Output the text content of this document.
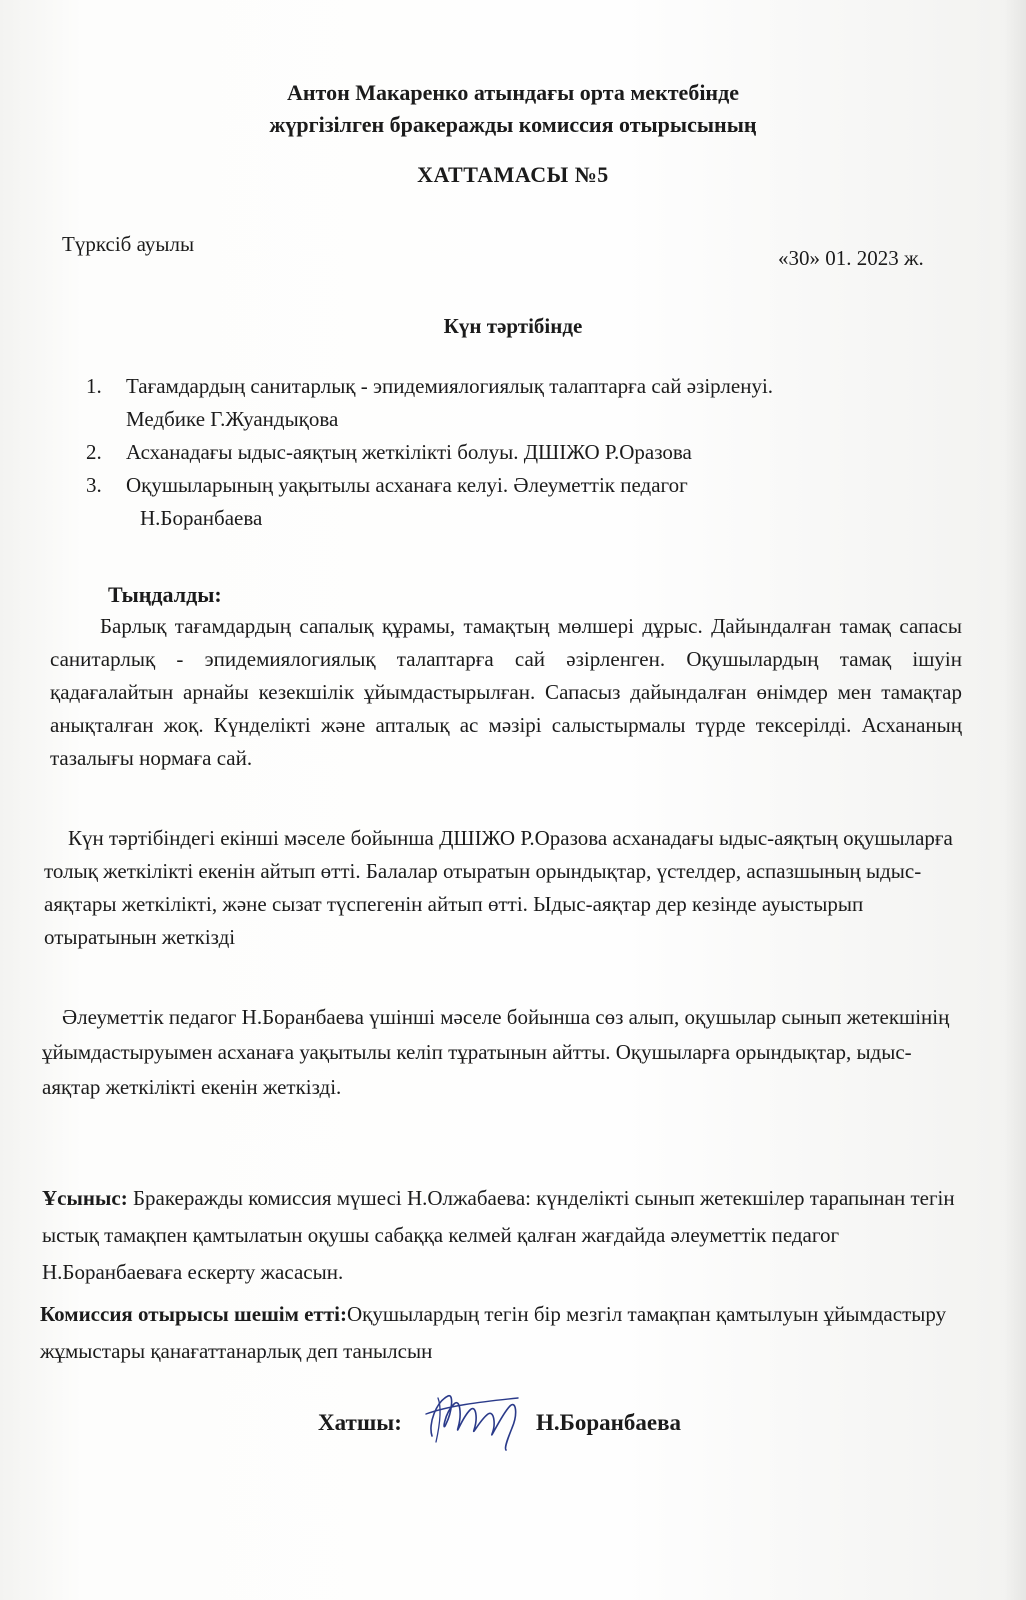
Антон Макаренко атындағы орта мектебінде
жүргізілген бракеражды комиссия отырысының
ХАТТАМАСЫ №5
Түрксіб ауылы
«30» 01. 2023 ж.
Күн тәртібінде
1. Тағамдардың санитарлық - эпидемиялогиялық талаптарға сай әзірленуі.
Медбике Г.Жуандықова
2. Асханадағы ыдыс-аяқтың жеткілікті болуы. ДШІЖО Р.Оразова
3. Оқушыларының уақытылы асханаға келуі. Әлеуметтік педагог
Н.Боранбаева
Тыңдалды:
Барлық тағамдардың сапалық құрамы, тамақтың мөлшері дұрыс. Дайындалған тамақ сапасы санитарлық - эпидемиялогиялық талаптарға сай әзірленген. Оқушылардың тамақ ішуін қадағалайтын арнайы кезекшілік ұйымдастырылған. Сапасыз дайындалған өнімдер мен тамақтар анықталған жоқ. Күнделікті және апталық ас мәзірі салыстырмалы түрде тексерілді. Асхананың тазалығы нормаға сай.
Күн тәртібіндегі екінші мәселе бойынша ДШІЖО Р.Оразова асханадағы ыдыс-аяқтың оқушыларға толық жеткілікті екенін айтып өтті. Балалар отыратын орындықтар, үстелдер, аспазшының ыдыс-аяқтары жеткілікті, және сызат түспегенін айтып өтті. Ыдыс-аяқтар дер кезінде ауыстырып отыратынын жеткізді
Әлеуметтік педагог Н.Боранбаева үшінші мәселе бойынша сөз алып, оқушылар сынып жетекшінің ұйымдастыруымен асханаға уақытылы келіп тұратынын айтты. Оқушыларға орындықтар, ыдыс-аяқтар жеткілікті екенін жеткізді.
Ұсыныс: Бракеражды комиссия мүшесі Н.Олжабаева: күнделікті сынып жетекшілер тарапынан тегін ыстық тамақпен қамтылатын оқушы сабаққа келмей қалған жағдайда әлеуметтік педагог Н.Боранбаеваға ескерту жасасын.
Комиссия отырысы шешім етті:Оқушылардың тегін бір мезгіл тамақпан қамтылуын ұйымдастыру жұмыстары қанағаттанарлық деп танылсын
Хатшы:	Н.Боранбаева
